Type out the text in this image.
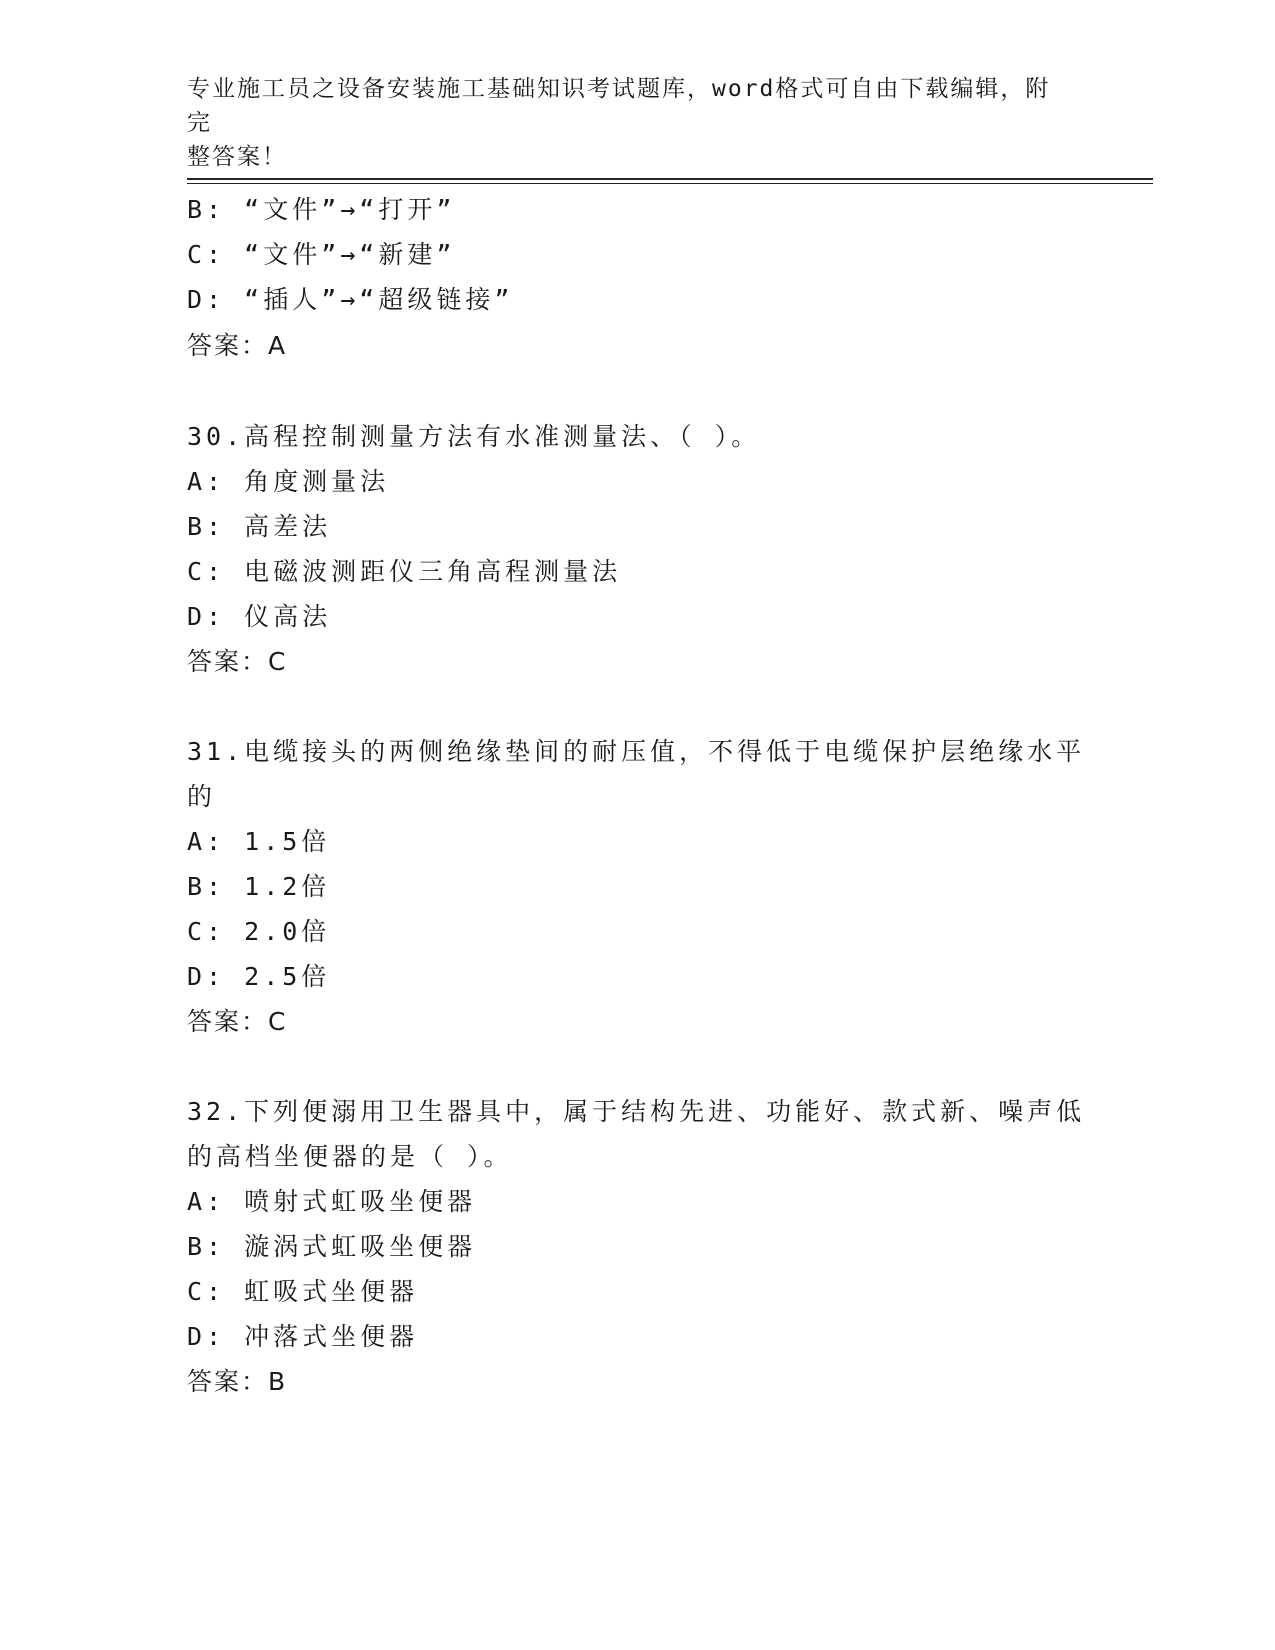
专业施工员之设备安装施工基础知识考试题库，word格式可自由下载编辑，附完
整答案！
B: “文件”→“打开”
C: “文件”→“新建”
D: “插人”→“超级链接”
答案：A
30.高程控制测量方法有水准测量法、（ ）。
A: 角度测量法
B: 高差法
C: 电磁波测距仪三角高程测量法
D: 仪高法
答案：C
31.电缆接头的两侧绝缘垫间的耐压值，不得低于电缆保护层绝缘水平
的
A: 1.5倍
B: 1.2倍
C: 2.0倍
D: 2.5倍
答案：C
32.下列便溺用卫生器具中，属于结构先进、功能好、款式新、噪声低
的高档坐便器的是（ ）。
A: 喷射式虹吸坐便器
B: 漩涡式虹吸坐便器
C: 虹吸式坐便器
D: 冲落式坐便器
答案：B
